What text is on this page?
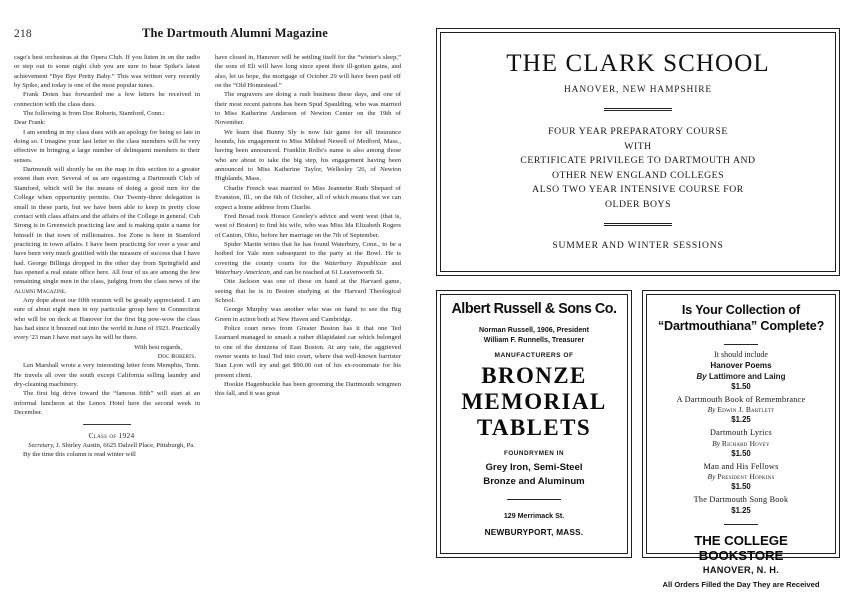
218	The Dartmouth Alumni Magazine

cago's best orchestras at the Opera Club. If you listen in on the radio or step out to some night club you are sure to hear Spike's latest achievement “Bye Bye Pretty Baby.” This was written very recently by Spike, and today is one of the most popular tunes.

Frank Doten has forwarded me a few letters he received in connection with the class dues.

The following is from Doc Roberts, Stamford, Conn.:

Dear Frank:

I am sending in my class dues with an apology for being so late in doing so. I imagine your last letter to the class members will be very effective in bringing a large number of delinquent members to their senses.

Dartmouth will shortly be on the map in this section to a greater extent than ever. Several of us are organizing a Dartmouth Club of Stamford, which will be the means of doing a good turn for the College when opportunity permits. Our Twenty-three delegation is small in these parts, but we have been able to keep in pretty close contact with class affairs and the affairs of the College in general. Cub Strong is in Greenwich practicing law and is making quite a name for himself in that town of millionaires. Joe Zone is here in Stamford practicing in town affairs. I have been practicing for over a year and have been very much gratified with the measure of success that I have had. George Billings dropped in the other day from Springfield and has opened a real estate office here. All four of us are among the few remaining single men in the class, judging from the class news of the Alumni Magazine.

Any dope about our fifth reunion will be greatly appreciated. I am sure of about eight men in my particular group here in Connecticut who will be on deck at Hanover for the first big pow-wow the class has had since it breezed out into the world in June of 1923. Practically every '23 man I have met says he will be there.

With best regards,

Doc Roberts.

Len Marshall wrote a very interesting letter from Memphis, Tenn. He travels all over the south except California selling laundry and dry-cleaning machinery.

The first big drive toward the “famous fifth” will start at an informal luncheon at the Lenox Hotel here the second week in December.

Class of 1924

Secretary, J. Shirley Austin, 6625 Dalzell Place, Pittsburgh, Pa.

By the time this column is read winter will

have closed in, Hanover will be settling itself for the “winter's sleep,” the sons of Eli will have long since spent their ill-gotten gains, and also, let us hope, the mortgage of October 29 will have been paid off on the “Old Homestead.”

The engravers are doing a rush business these days, and one of their most recent patrons has been Spud Spaulding, who was married to Miss Katherine Anderson of Newton Center on the 19th of November.

We learn that Bunny Sly is now fair game for all insurance hounds, his engagement to Miss Mildred Newell of Medford, Mass., having been announced. Franklin Rolfe's name is also among those who are about to take the big step, his engagement having been announced to Miss Katherine Taylor, Wellesley '26, of Newton Highlands, Mass.

Charlie French was married to Miss Jeannette Ruth Shepard of Evanston, Ill., on the 6th of October, all of which means that we can expect a home address from Charlie.

Fred Broad took Horace Greeley's advice and went west (that is, west of Boston) to find his wife, who was Miss Ida Elizabeth Rogers of Canton, Ohio, before her marriage on the 7th of September.

Spider Martin writes that he has found Waterbury, Conn., to be a hotbed for Yale men subsequent to the party at the Bowl. He is covering the county courts for the Waterbury Republican and Waterbury American, and can be reached at 61 Leavenworth St.

Otie Jackson was one of those on hand at the Harvard game, seeing that he is in Boston studying at the Harvard Theological School.

George Murphy was another who was on hand to see the Big Green in action both at New Haven and Cambridge.

Police court news from Greater Boston has it that one Ted Learnard managed to smash a rather dilapidated car which belonged to one of the denizens of East Boston. At any rate, the aggrieved owner wants to haul Ted into court, where that well-known barrister Stan Lyon will try and get $90.00 out of his ex-roommate for his present client.

Hookie Hagenbuckle has been grooming the Dartmouth wingmen this fall, and it was great

THE CLARK SCHOOL
HANOVER, NEW HAMPSHIRE
FOUR YEAR PREPARATORY COURSE
WITH
CERTIFICATE PRIVILEGE TO DARTMOUTH AND
OTHER NEW ENGLAND COLLEGES
ALSO TWO YEAR INTENSIVE COURSE FOR
OLDER BOYS
SUMMER AND WINTER SESSIONS
Albert Russell & Sons Co.
Norman Russell, 1906, President
William F. Runnells, Treasurer
MANUFACTURERS OF
BRONZE
MEMORIAL
TABLETS
FOUNDRYMEN IN
Grey Iron, Semi-Steel
Bronze and Aluminum
129 Merrimack St.
NEWBURYPORT, MASS.
Is Your Collection of
“Dartmouthiana” Complete?
It should include
Hanover Poems
By Lattimore and Laing
$1.50
A Dartmouth Book of Remembrance
By Edwin J. Bartlett
$1.25
Dartmouth Lyrics
By Richard Hovey
$1.50
Man and His Fellows
By President Hopkins
$1.50
The Dartmouth Song Book
$1.25
THE COLLEGE BOOKSTORE
HANOVER, N. H.
All Orders Filled the Day They are Received
